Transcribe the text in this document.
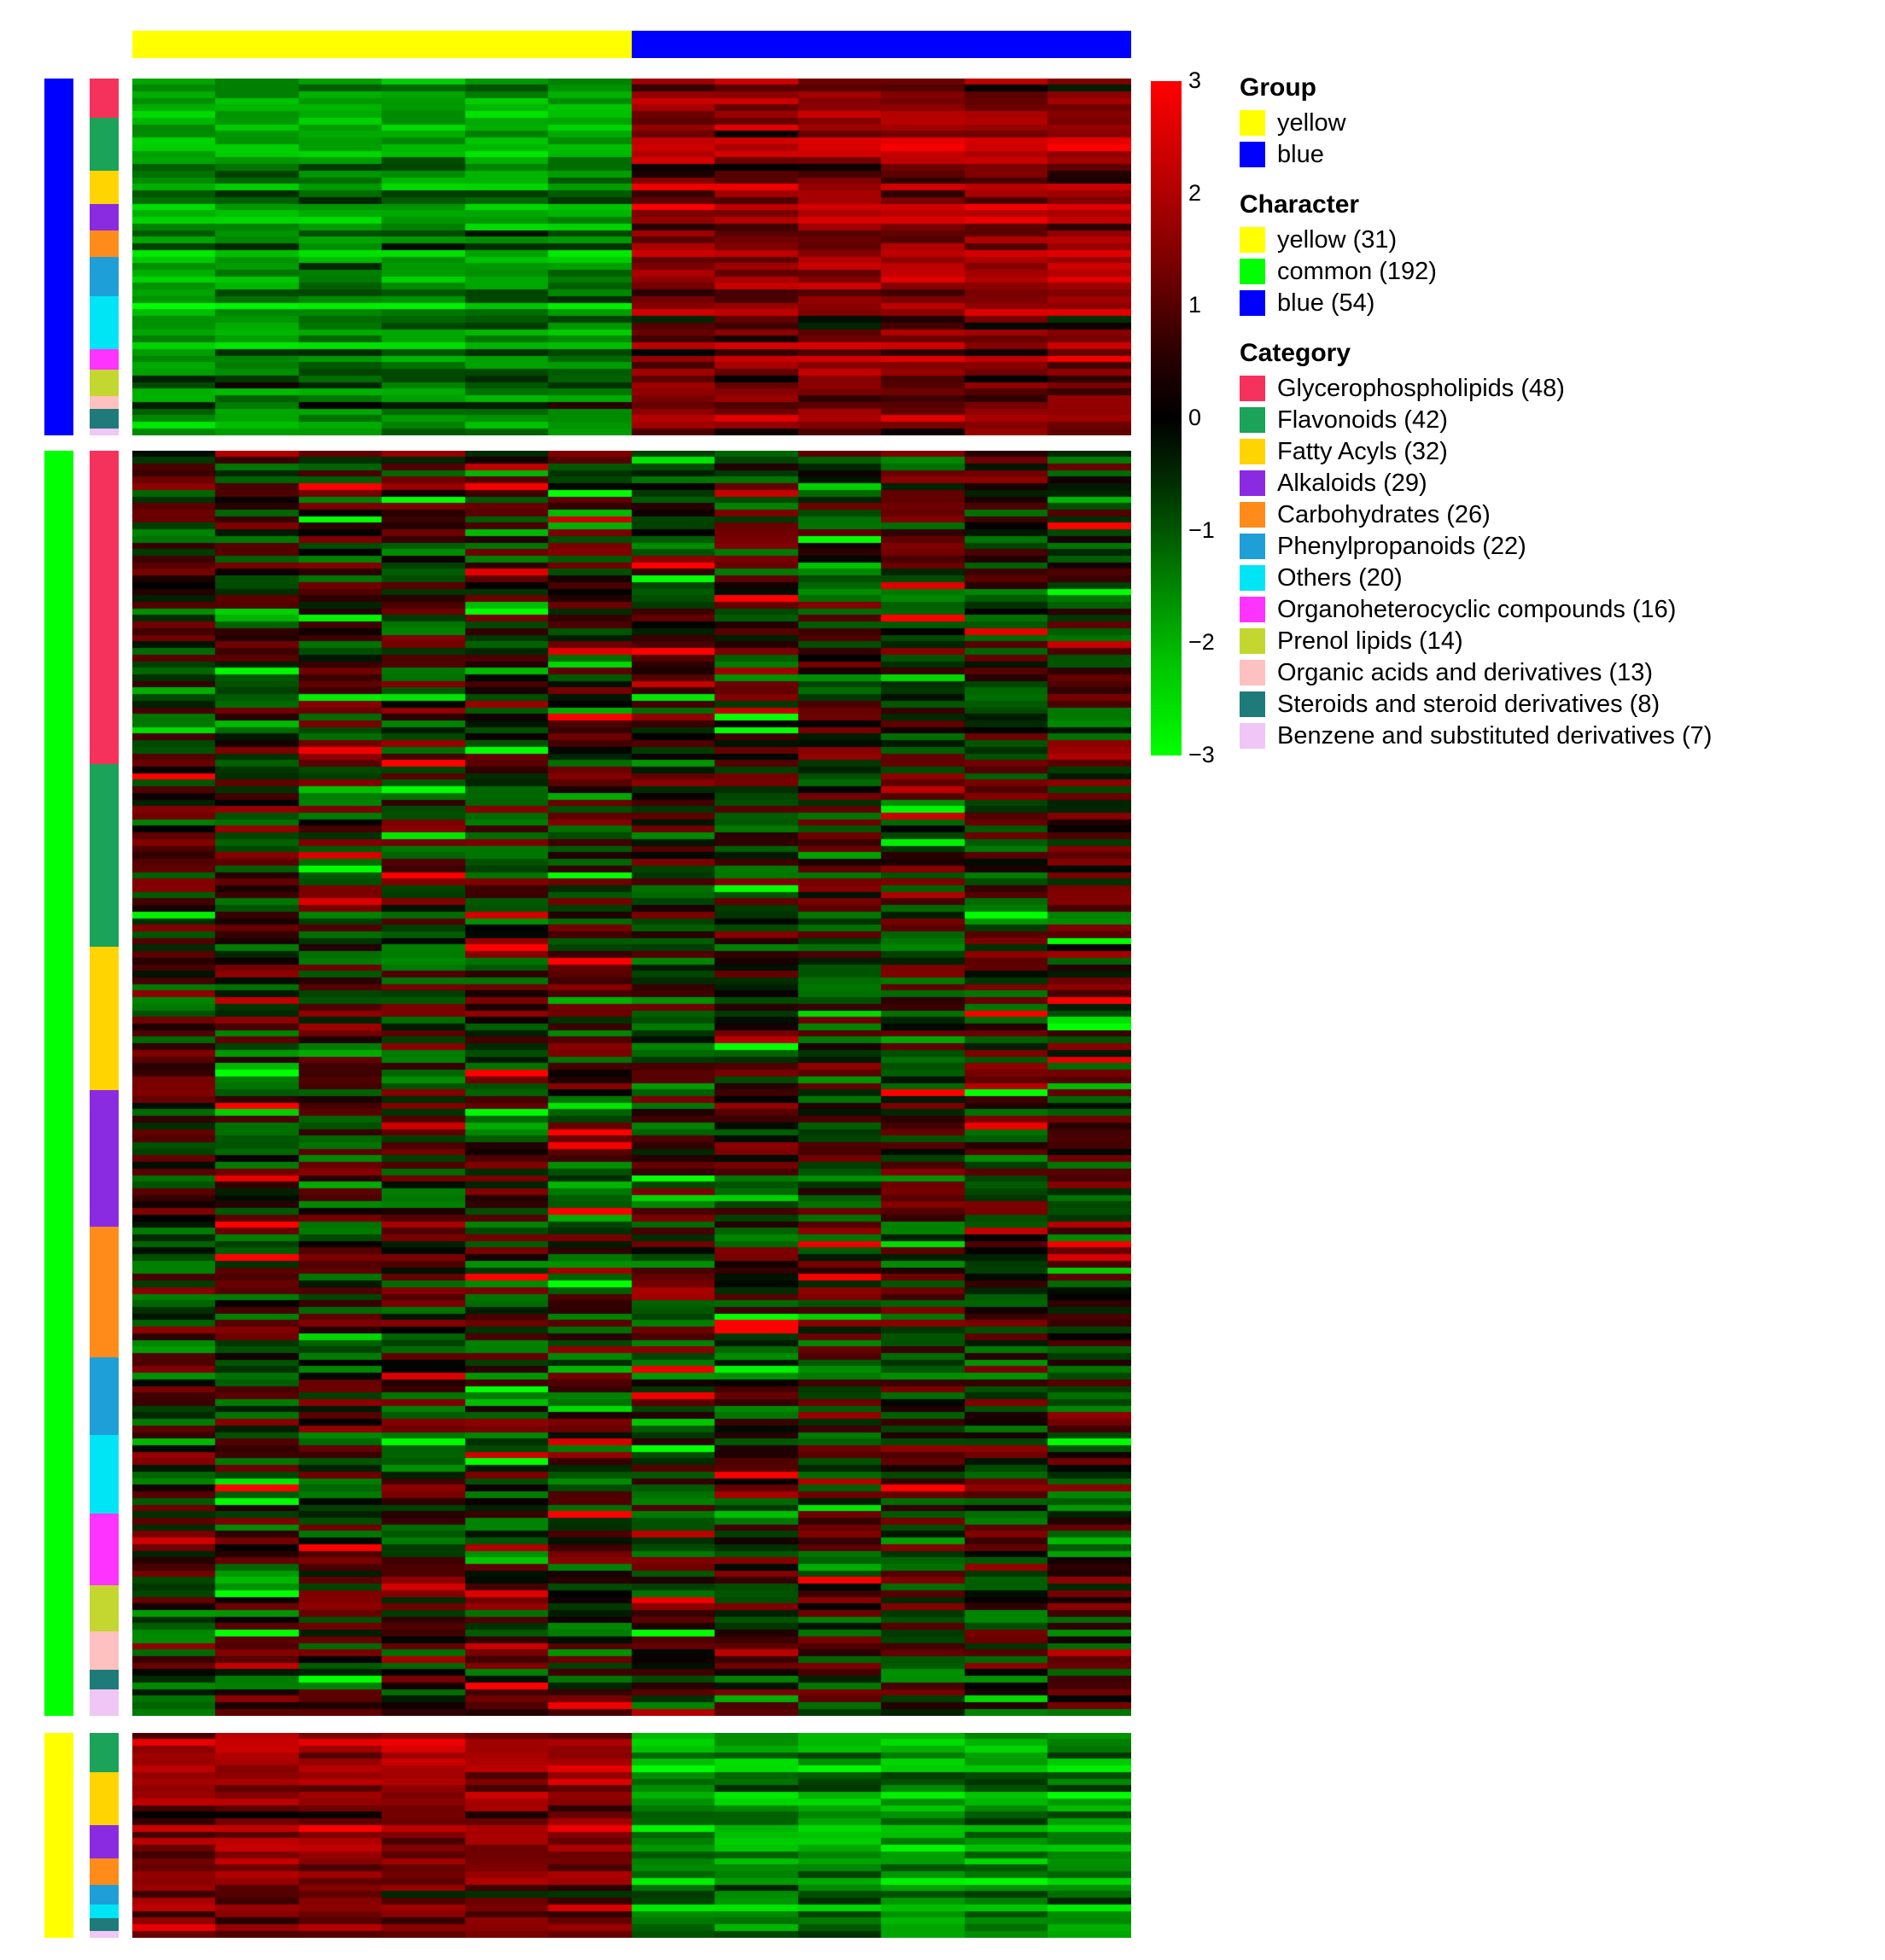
3
2
1
0
−1
−2
−3
Group
yellow
blue
Character
yellow (31)
common (192)
blue (54)
Category
Glycerophospholipids (48)
Flavonoids (42)
Fatty Acyls (32)
Alkaloids (29)
Carbohydrates (26)
Phenylpropanoids (22)
Others (20)
Organoheterocyclic compounds (16)
Prenol lipids (14)
Organic acids and derivatives (13)
Steroids and steroid derivatives (8)
Benzene and substituted derivatives (7)
